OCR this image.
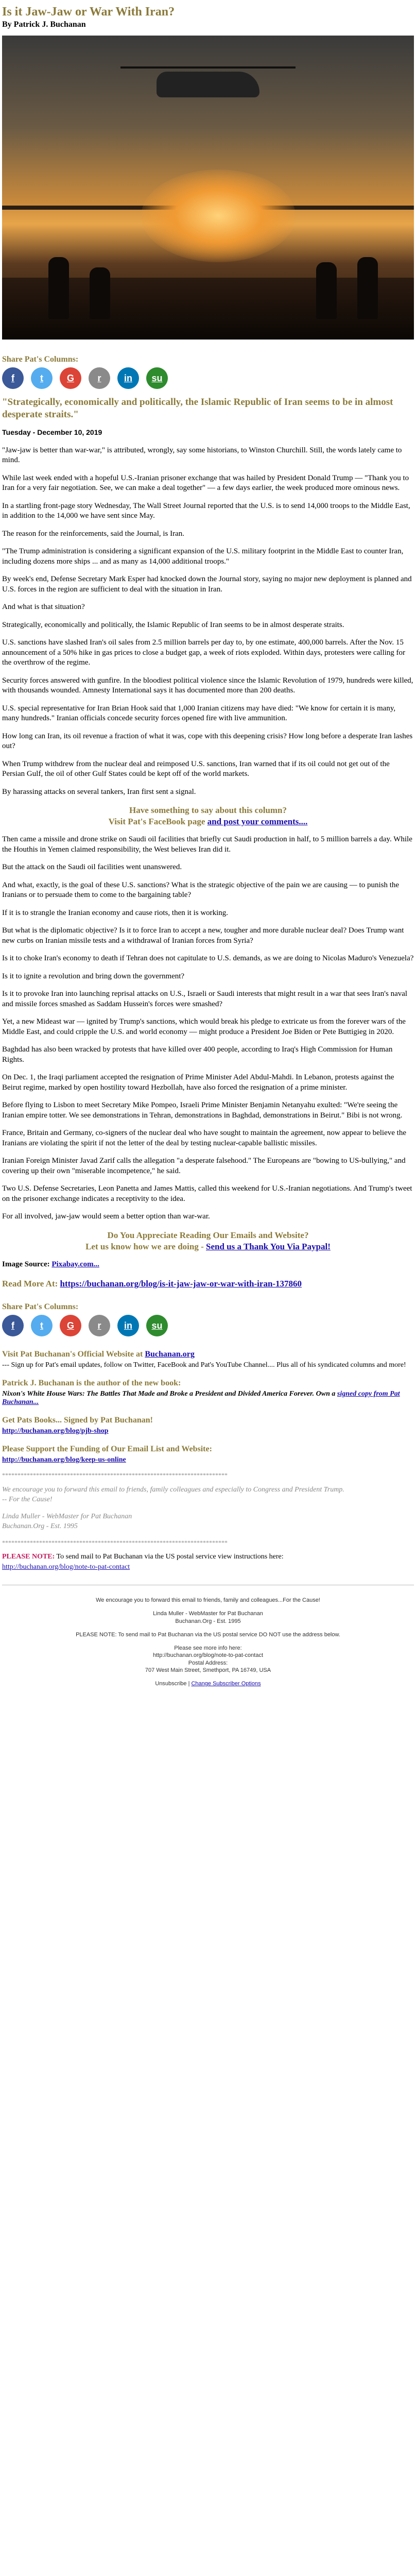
Is it Jaw-Jaw or War With Iran?
By Patrick J. Buchanan
Share Pat's Columns:
f	t	G	r	in	su
"Strategically, economically and politically, the Islamic Republic of Iran seems to be in almost desperate straits."
Tuesday - December 10, 2019

"Jaw-jaw is better than war-war," is attributed, wrongly, say some historians, to Winston Churchill. Still, the words lately came to mind.

While last week ended with a hopeful U.S.-Iranian prisoner exchange that was hailed by President Donald Trump — "Thank you to Iran for a very fair negotiation. See, we can make a deal together" — a few days earlier, the week produced more ominous news.

In a startling front-page story Wednesday, The Wall Street Journal reported that the U.S. is to send 14,000 troops to the Middle East, in addition to the 14,000 we have sent since May.

The reason for the reinforcements, said the Journal, is Iran.

"The Trump administration is considering a significant expansion of the U.S. military footprint in the Middle East to counter Iran, including dozens more ships ... and as many as 14,000 additional troops."

By week's end, Defense Secretary Mark Esper had knocked down the Journal story, saying no major new deployment is planned and U.S. forces in the region are sufficient to deal with the situation in Iran.

And what is that situation?

Strategically, economically and politically, the Islamic Republic of Iran seems to be in almost desperate straits.

U.S. sanctions have slashed Iran's oil sales from 2.5 million barrels per day to, by one estimate, 400,000 barrels. After the Nov. 15 announcement of a 50% hike in gas prices to close a budget gap, a week of riots exploded. Within days, protesters were calling for the overthrow of the regime.

Security forces answered with gunfire. In the bloodiest political violence since the Islamic Revolution of 1979, hundreds were killed, with thousands wounded. Amnesty International says it has documented more than 200 deaths.

U.S. special representative for Iran Brian Hook said that 1,000 Iranian citizens may have died: "We know for certain it is many, many hundreds." Iranian officials concede security forces opened fire with live ammunition.

How long can Iran, its oil revenue a fraction of what it was, cope with this deepening crisis? How long before a desperate Iran lashes out?

When Trump withdrew from the nuclear deal and reimposed U.S. sanctions, Iran warned that if its oil could not get out of the Persian Gulf, the oil of other Gulf States could be kept off of the world markets.

By harassing attacks on several tankers, Iran first sent a signal.

Have something to say about this column?
Visit Pat's FaceBook page and post your comments....

Then came a missile and drone strike on Saudi oil facilities that briefly cut Saudi production in half, to 5 million barrels a day. While the Houthis in Yemen claimed responsibility, the West believes Iran did it.

But the attack on the Saudi oil facilities went unanswered.

And what, exactly, is the goal of these U.S. sanctions? What is the strategic objective of the pain we are causing — to punish the Iranians or to persuade them to come to the bargaining table?

If it is to strangle the Iranian economy and cause riots, then it is working.

But what is the diplomatic objective? Is it to force Iran to accept a new, tougher and more durable nuclear deal? Does Trump want new curbs on Iranian missile tests and a withdrawal of Iranian forces from Syria?

Is it to choke Iran's economy to death if Tehran does not capitulate to U.S. demands, as we are doing to Nicolas Maduro's Venezuela?

Is it to ignite a revolution and bring down the government?

Is it to provoke Iran into launching reprisal attacks on U.S., Israeli or Saudi interests that might result in a war that sees Iran's naval and missile forces smashed as Saddam Hussein's forces were smashed?

Yet, a new Mideast war — ignited by Trump's sanctions, which would break his pledge to extricate us from the forever wars of the Middle East, and could cripple the U.S. and world economy — might produce a President Joe Biden or Pete Buttigieg in 2020.

Baghdad has also been wracked by protests that have killed over 400 people, according to Iraq's High Commission for Human Rights.

On Dec. 1, the Iraqi parliament accepted the resignation of Prime Minister Adel Abdul-Mahdi. In Lebanon, protests against the Beirut regime, marked by open hostility toward Hezbollah, have also forced the resignation of a prime minister.

Before flying to Lisbon to meet Secretary Mike Pompeo, Israeli Prime Minister Benjamin Netanyahu exulted: "We're seeing the Iranian empire totter. We see demonstrations in Tehran, demonstrations in Baghdad, demonstrations in Beirut." Bibi is not wrong.

France, Britain and Germany, co-signers of the nuclear deal who have sought to maintain the agreement, now appear to believe the Iranians are violating the spirit if not the letter of the deal by testing nuclear-capable ballistic missiles.

Iranian Foreign Minister Javad Zarif calls the allegation "a desperate falsehood." The Europeans are "bowing to US-bullying," and covering up their own "miserable incompetence," he said.

Two U.S. Defense Secretaries, Leon Panetta and James Mattis, called this weekend for U.S.-Iranian negotiations. And Trump's tweet on the prisoner exchange indicates a receptivity to the idea.

For all involved, jaw-jaw would seem a better option than war-war.

Do You Appreciate Reading Our Emails and Website?
Let us know how we are doing - Send us a Thank You Via Paypal!

Image Source: Pixabay.com...

Read More At: https://buchanan.org/blog/is-it-jaw-jaw-or-war-with-iran-137860
Share Pat's Columns:
f	t	G	r	in	su
Visit Pat Buchanan's Official Website at Buchanan.org
--- Sign up for Pat's email updates, follow on Twitter, FaceBook and Pat's YouTube Channel.... Plus all of his syndicated columns and more!
Patrick J. Buchanan is the author of the new book:
Nixon's White House Wars: The Battles That Made and Broke a President and Divided America Forever. Own a signed copy from Pat Buchanan...
Get Pats Books... Signed by Pat Buchanan!
http://buchanan.org/blog/pjb-shop
Please Support the Funding of Our Email List and Website:
http://buchanan.org/blog/keep-us-online
*************************************************************************
We encourage you to forward this email to friends, family colleagues and especially to Congress and President Trump.
-- For the Cause!
Linda Muller - WebMaster for Pat Buchanan
Buchanan.Org - Est. 1995
*************************************************************************
PLEASE NOTE: To send mail to Pat Buchanan via the US postal service view instructions here:
http://buchanan.org/blog/note-to-pat-contact

We encourage you to forward this email to friends, family and colleagues...For the Cause!

Linda Muller - WebMaster for Pat Buchanan
Buchanan.Org - Est. 1995

PLEASE NOTE: To send mail to Pat Buchanan via the US postal service DO NOT use the address below.

Please see more info here:
http://buchanan.org/blog/note-to-pat-contact
Postal Address:
707 West Main Street, Smethport, PA 16749, USA

Unsubscribe | Change Subscriber Options
